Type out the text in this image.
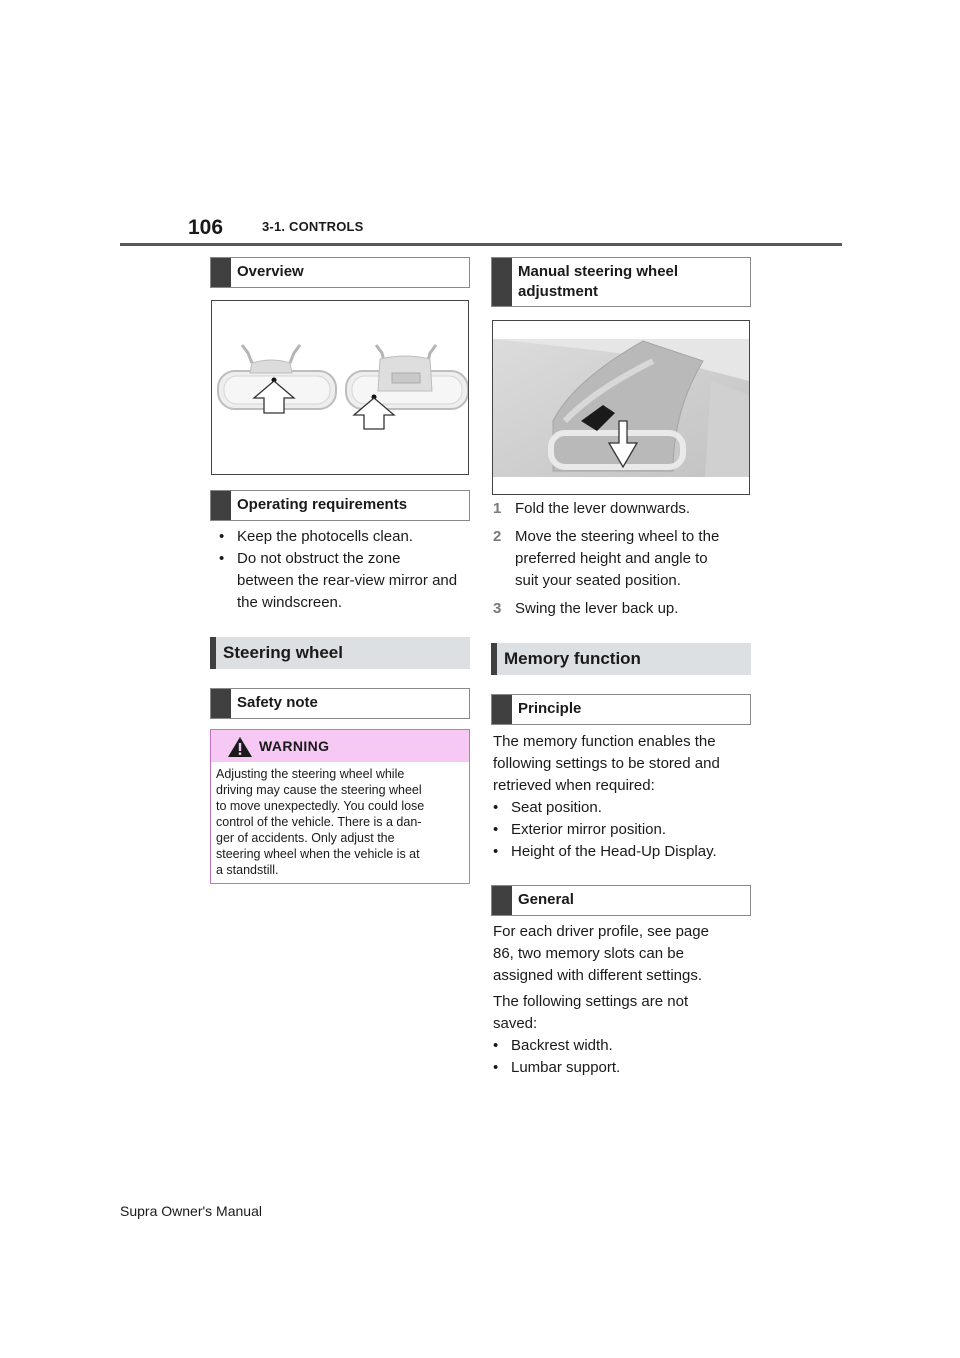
106	3-1. CONTROLS
Overview
Operating requirements
• Keep the photocells clean.
• Do not obstruct the zone
between the rear-view mirror and
the windscreen.
Steering wheel
Safety note
WARNING
Adjusting the steering wheel while
driving may cause the steering wheel
to move unexpectedly. You could lose
control of the vehicle. There is a dan-
ger of accidents. Only adjust the
steering wheel when the vehicle is at
a standstill.
Manual steering wheel
adjustment
1 Fold the lever downwards.
2 Move the steering wheel to the
preferred height and angle to
suit your seated position.
3 Swing the lever back up.
Memory function
Principle
The memory function enables the
following settings to be stored and
retrieved when required:
• Seat position.
• Exterior mirror position.
• Height of the Head-Up Display.
General
For each driver profile, see page
86, two memory slots can be
assigned with different settings.
The following settings are not
saved:
• Backrest width.
• Lumbar support.
Supra Owner's Manual
